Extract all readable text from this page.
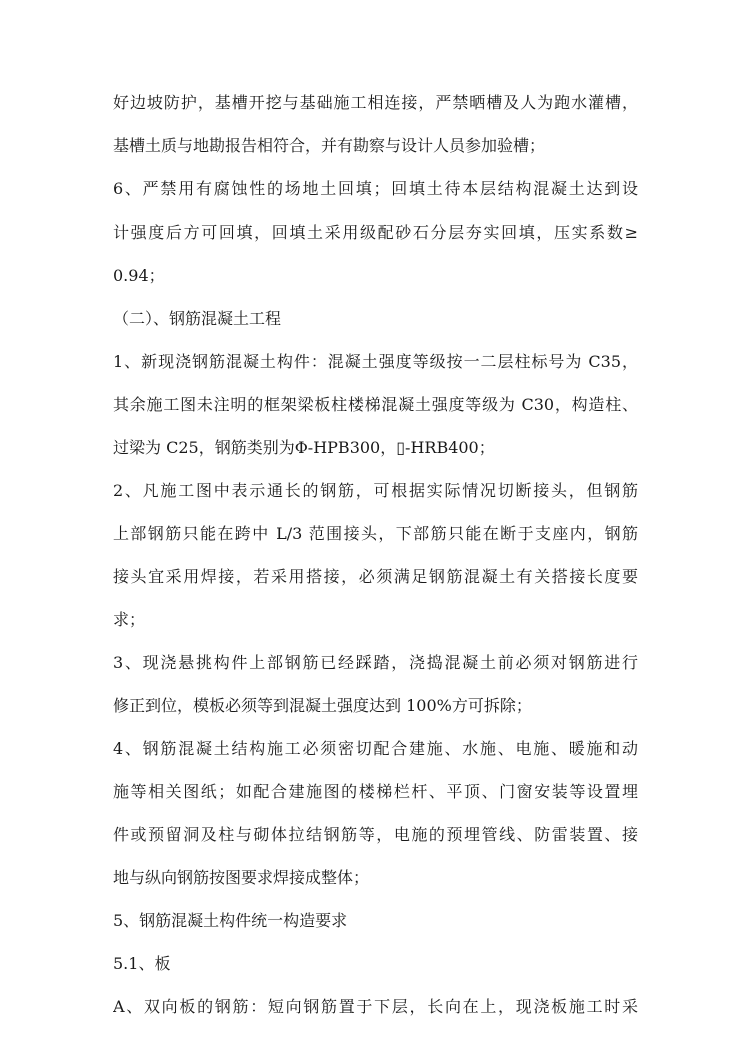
好边坡防护，基槽开挖与基础施工相连接，严禁晒槽及人为跑水灌槽，
基槽土质与地勘报告相符合，并有勘察与设计人员参加验槽；
6、严禁用有腐蚀性的场地土回填；回填土待本层结构混凝土达到设
计强度后方可回填，回填土采用级配砂石分层夯实回填，压实系数≥
0.94；
（二）、钢筋混凝土工程
1、新现浇钢筋混凝土构件：混凝土强度等级按一二层柱标号为 C35，
其余施工图未注明的框架梁板柱楼梯混凝土强度等级为 C30，构造柱、
过梁为 C25，钢筋类别为Φ-HPB300，▯-HRB400；
2、凡施工图中表示通长的钢筋，可根据实际情况切断接头，但钢筋
上部钢筋只能在跨中 L/3 范围接头，下部筋只能在断于支座内，钢筋
接头宜采用焊接，若采用搭接，必须满足钢筋混凝土有关搭接长度要
求；
3、现浇悬挑构件上部钢筋已经踩踏，浇捣混凝土前必须对钢筋进行
修正到位，模板必须等到混凝土强度达到 100%方可拆除；
4、钢筋混凝土结构施工必须密切配合建施、水施、电施、暖施和动
施等相关图纸；如配合建施图的楼梯栏杆、平顶、门窗安装等设置埋
件或预留洞及柱与砌体拉结钢筋等，电施的预埋管线、防雷装置、接
地与纵向钢筋按图要求焊接成整体；
5、钢筋混凝土构件统一构造要求
5.1、板
A、双向板的钢筋：短向钢筋置于下层，长向在上，现浇板施工时采
